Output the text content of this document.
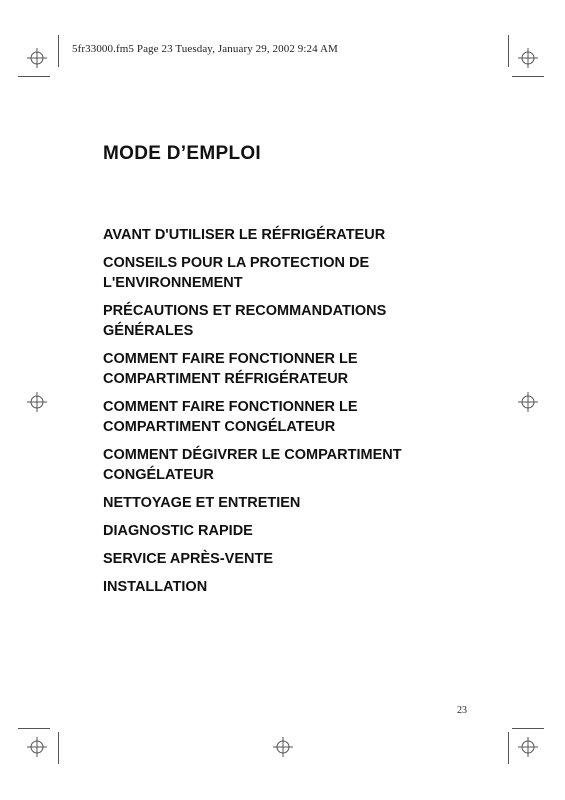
5fr33000.fm5 Page 23 Tuesday, January 29, 2002 9:24 AM
MODE D’EMPLOI
AVANT D'UTILISER LE RÉFRIGÉRATEUR
CONSEILS POUR LA PROTECTION DE
L'ENVIRONNEMENT
PRÉCAUTIONS ET RECOMMANDATIONS
GÉNÉRALES
COMMENT FAIRE FONCTIONNER LE
COMPARTIMENT RÉFRIGÉRATEUR
COMMENT FAIRE FONCTIONNER LE
COMPARTIMENT CONGÉLATEUR
COMMENT DÉGIVRER LE COMPARTIMENT
CONGÉLATEUR
NETTOYAGE ET ENTRETIEN
DIAGNOSTIC RAPIDE
SERVICE APRÈS-VENTE
INSTALLATION
23
